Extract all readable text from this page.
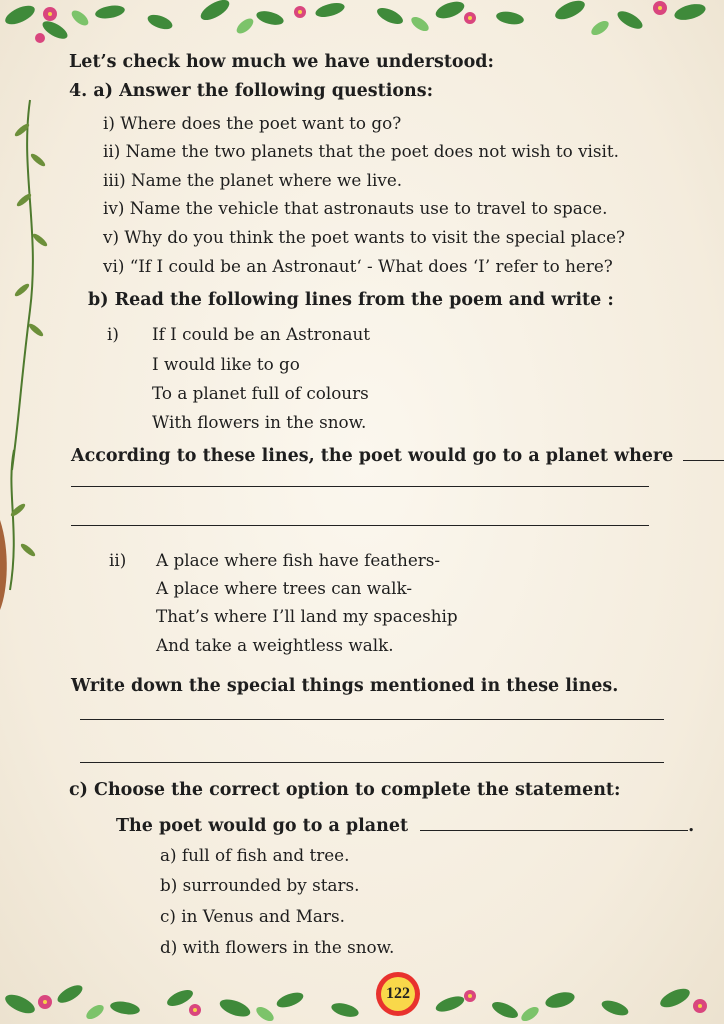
Let’s check how much we have understood:
4. a) Answer the following questions:
i) Where does the poet want to go?
ii) Name the two planets that the poet does not wish to visit.
iii) Name the planet where we live.
iv) Name the vehicle that astronauts use to travel to space.
v) Why do you think the poet wants to visit the special place?
vi) “If I could be an Astronaut‘ - What does ‘I’ refer to here?
b) Read the following lines from the poem and write :
i) If I could be an Astronaut
I would like to go
To a planet full of colours
With flowers in the snow.
According to these lines, the poet would go to a planet where
ii) A place where fish have feathers-
A place where trees can walk-
That’s where I’ll land my spaceship
And take a weightless walk.
Write down the special things mentioned in these lines.
c) Choose the correct option to complete the statement:
The poet would go to a planet	.
a) full of fish and tree.
b) surrounded by stars.
c) in Venus and Mars.
d) with flowers in the snow.
122
